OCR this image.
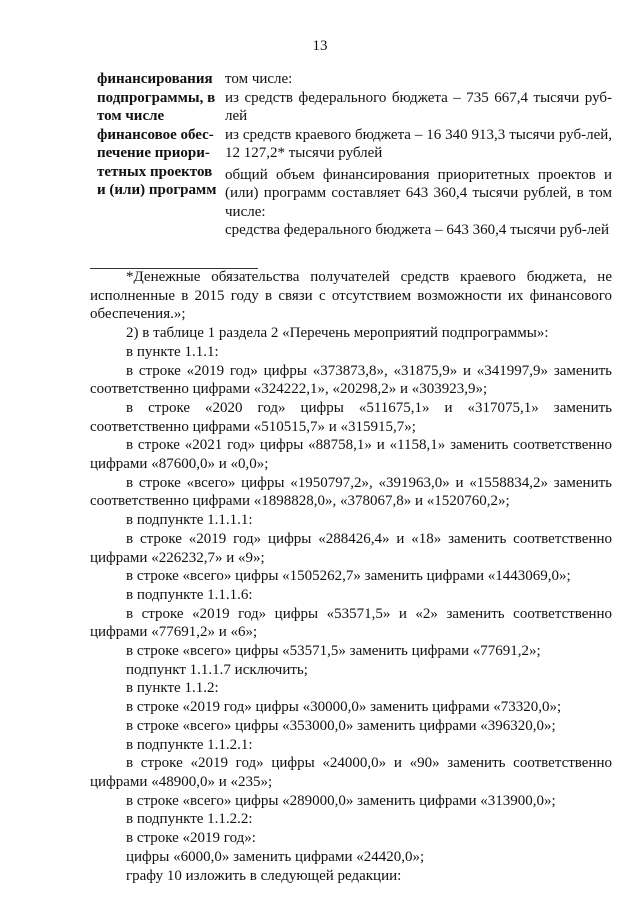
13
финансирования
подпрограммы, в
том числе
финансовое обес-
печение приори-
тетных проектов
и (или) программ

том числе:

из средств федерального бюджета – 735 667,4 тысячи руб-лей

из средств краевого бюджета – 16 340 913,3 тысячи руб-лей, 12 127,2* тысячи рублей

общий объем финансирования приоритетных проектов и (или) программ составляет 643 360,4 тысячи рублей, в том числе:

средства федерального бюджета – 643 360,4 тысячи руб-лей

*Денежные обязательства получателей средств краевого бюджета, не исполненные в 2015 году в связи с отсутствием возможности их финансового обеспечения.»;

2) в таблице 1 раздела 2 «Перечень мероприятий подпрограммы»:

в пункте 1.1.1:

в строке «2019 год» цифры «373873,8», «31875,9» и «341997,9» заменить соответственно цифрами «324222,1», «20298,2» и «303923,9»;

в строке «2020 год» цифры «511675,1» и «317075,1» заменить соответственно цифрами «510515,7» и «315915,7»;

в строке «2021 год» цифры «88758,1» и «1158,1» заменить соответственно цифрами «87600,0» и «0,0»;

в строке «всего» цифры «1950797,2», «391963,0» и «1558834,2» заменить соответственно цифрами «1898828,0», «378067,8» и «1520760,2»;

в подпункте 1.1.1.1:

в строке «2019 год» цифры «288426,4» и «18» заменить соответственно цифрами «226232,7» и «9»;

в строке «всего» цифры «1505262,7» заменить цифрами «1443069,0»;

в подпункте 1.1.1.6:

в строке «2019 год» цифры «53571,5» и «2» заменить соответственно цифрами «77691,2» и «6»;

в строке «всего» цифры «53571,5» заменить цифрами «77691,2»;

подпункт 1.1.1.7 исключить;

в пункте 1.1.2:

в строке «2019 год» цифры «30000,0» заменить цифрами «73320,0»;

в строке «всего» цифры «353000,0» заменить цифрами «396320,0»;

в подпункте 1.1.2.1:

в строке «2019 год» цифры «24000,0» и «90» заменить соответственно цифрами «48900,0» и «235»;

в строке «всего» цифры «289000,0» заменить цифрами «313900,0»;

в подпункте 1.1.2.2:

в строке «2019 год»:

цифры «6000,0» заменить цифрами «24420,0»;

графу 10 изложить в следующей редакции:
